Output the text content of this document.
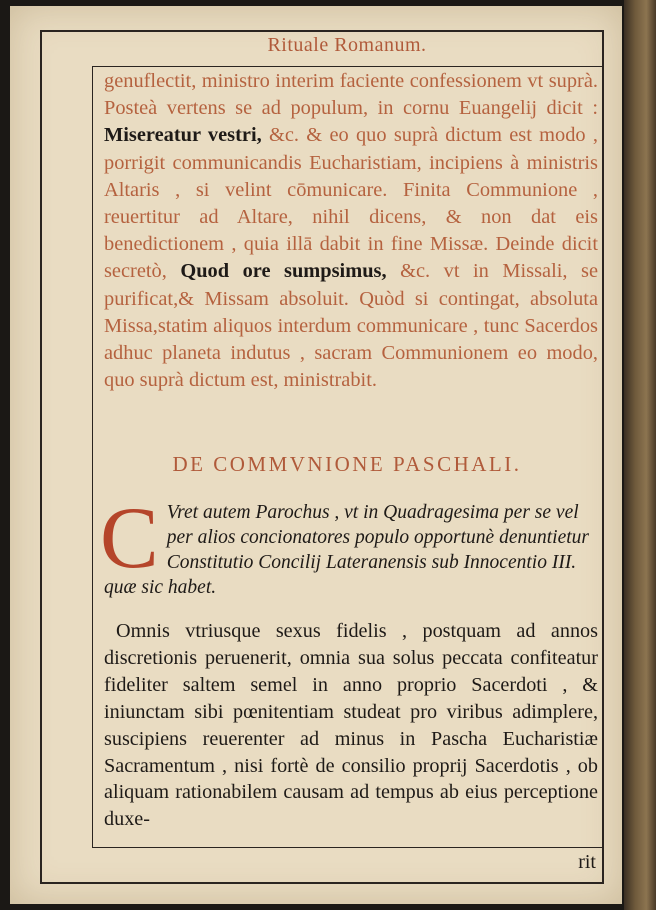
Rituale Romanum.
genuflectit, ministro interim faciente confessionem vt suprà. Posteà vertens se ad populum, in cornu Euangelij dicit : Misereatur vestri, &c. & eo quo suprà dictum est modo , porrigit communicandis Eucharistiam, incipiens à ministris Altaris , si velint cōmunicare. Finita Communione , reuertitur ad Altare, nihil dicens, & non dat eis benedictionem , quia illā dabit in fine Missæ. Deinde dicit secretò, Quod ore sumpsimus, &c. vt in Missali, se purificat,& Missam absoluit. Quòd si contingat, absoluta Missa,statim aliquos interdum communicare , tunc Sacerdos adhuc planeta indutus , sacram Communionem eo modo, quo suprà dictum est, ministrabit.
DE COMMVNIONE PASCHALI.
C Vret autem Parochus , vt in Quadragesima per se vel per alios concionatores populo opportunè denuntietur Constitutio Concilij Lateranensis sub Innocentio III. quæ sic habet.
Omnis vtriusque sexus fidelis , postquam ad annos discretionis peruenerit, omnia sua solus peccata confiteatur fideliter saltem semel in anno proprio Sacerdoti , & iniunctam sibi pœnitentiam studeat pro viribus adimplere, suscipiens reuerenter ad minus in Pascha Eucharistiæ Sacramentum , nisi fortè de consilio proprij Sacerdotis , ob aliquam rationabilem causam ad tempus ab eius perceptione duxe-
rit
